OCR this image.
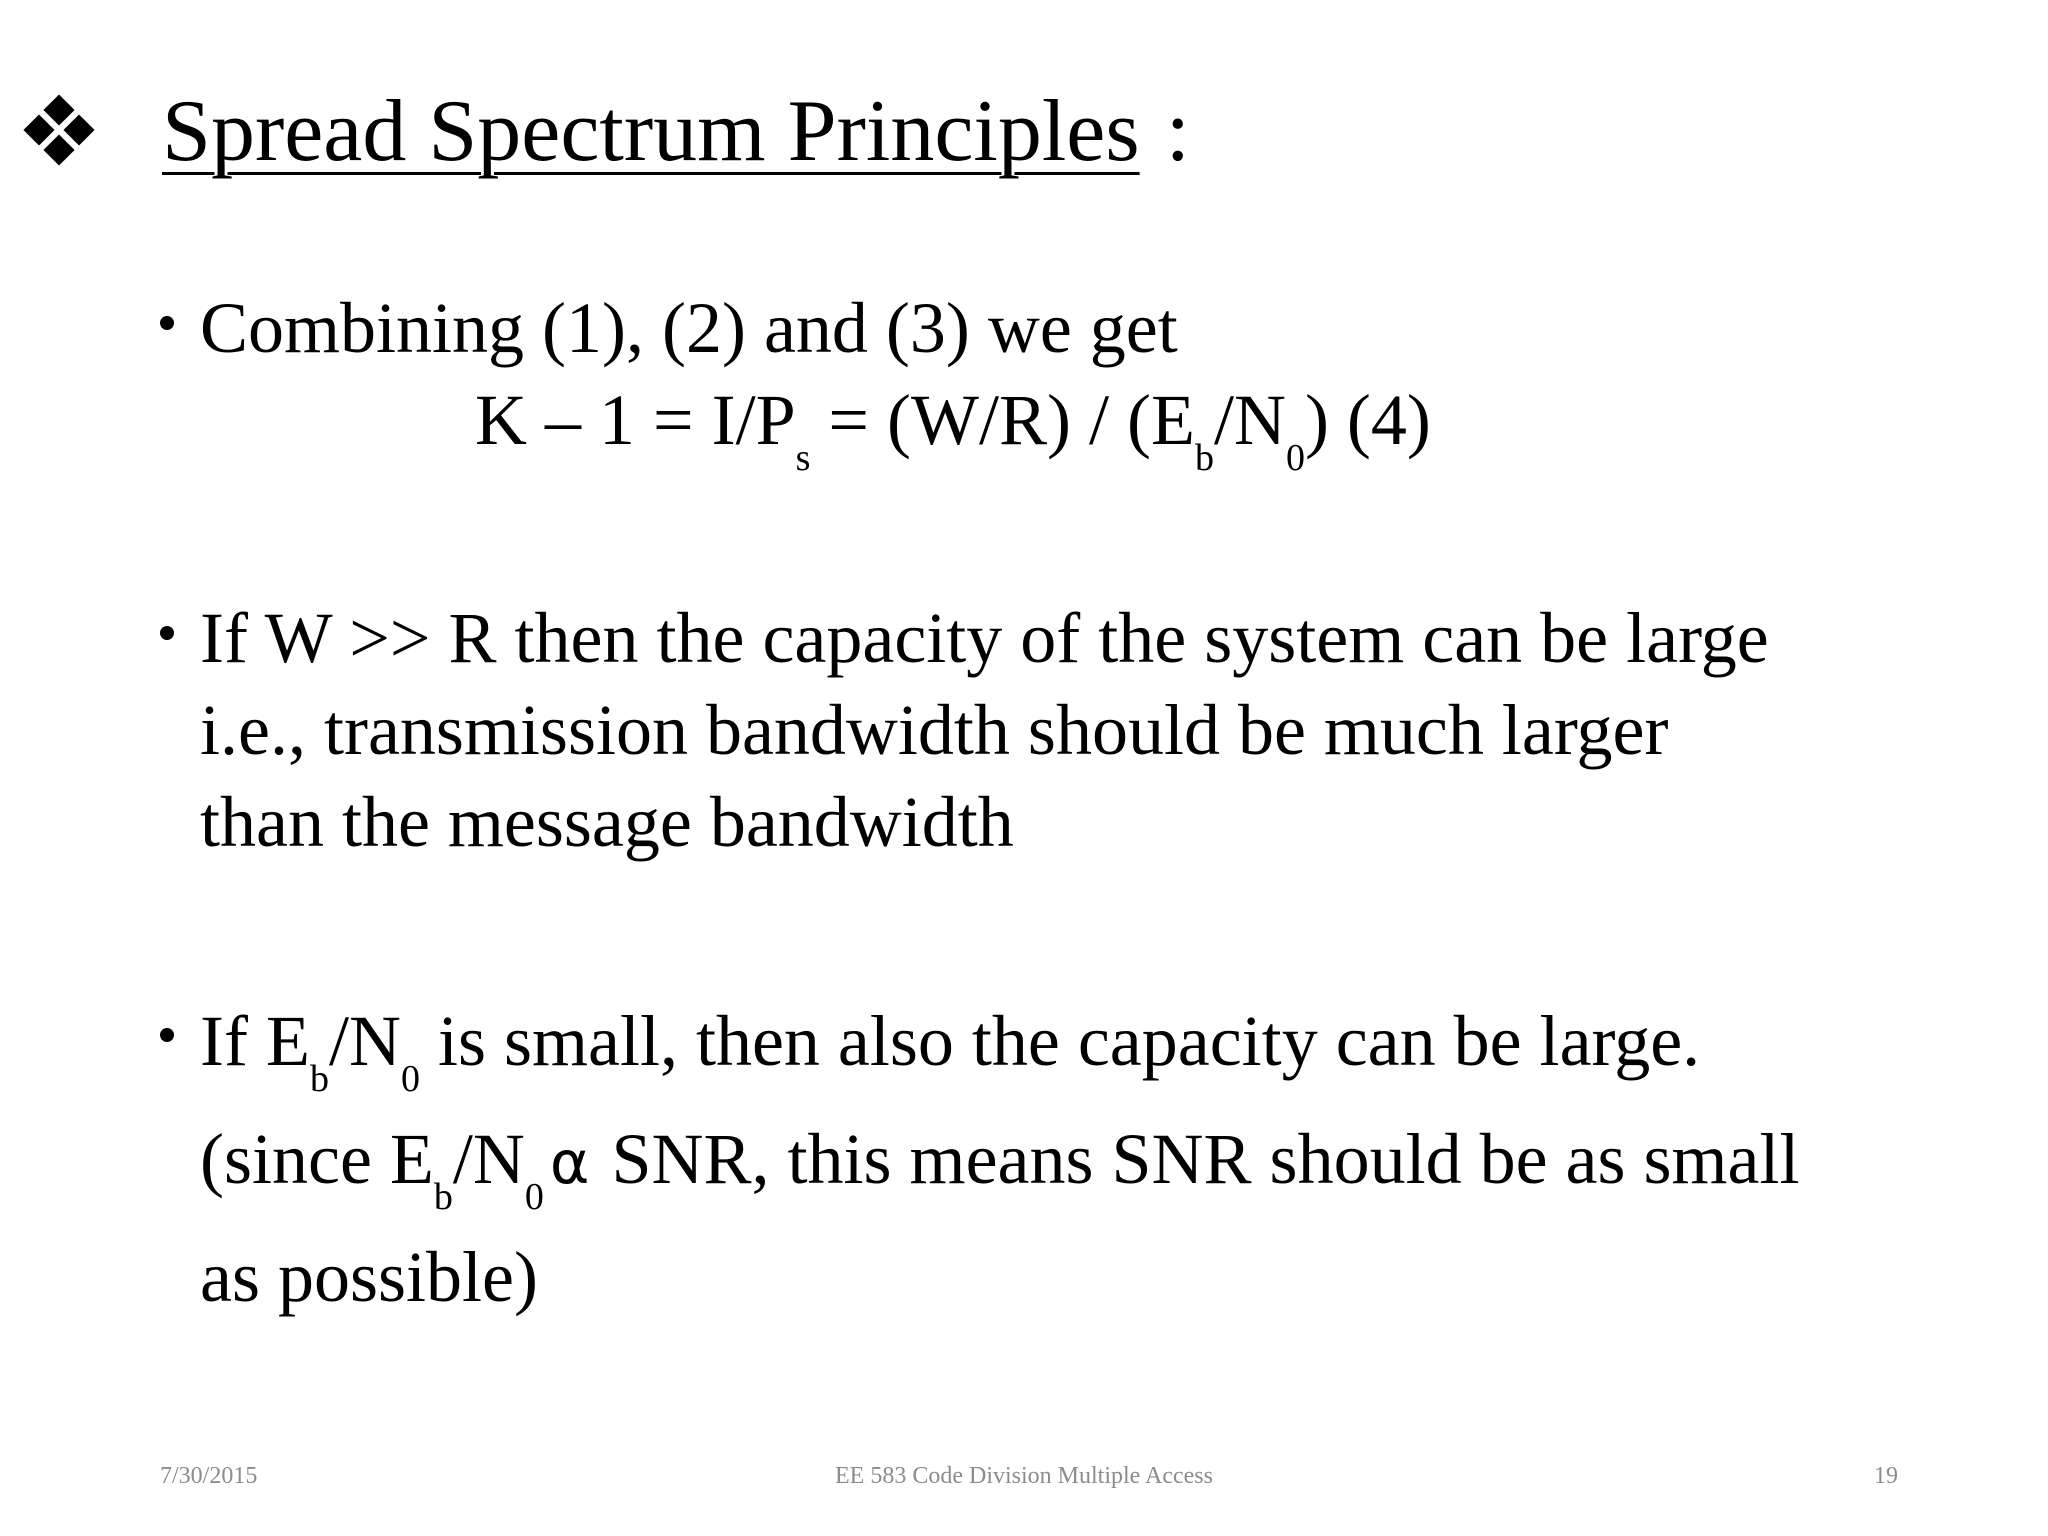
Spread Spectrum Principles :
Combining (1), (2) and (3) we get
$K - 1 = I/P_s = (W/R) / (E_b/N_0)$ (4)
If W >> R then the capacity of the system can be large
i.e., transmission bandwidth should be much larger
than the message bandwidth
If $E_b/N_0$ is small, then also the capacity can be large.
(since $E_b/N_0$ α SNR, this means SNR should be as small
as possible)
7/30/2015	EE 583 Code Division Multiple Access	19
